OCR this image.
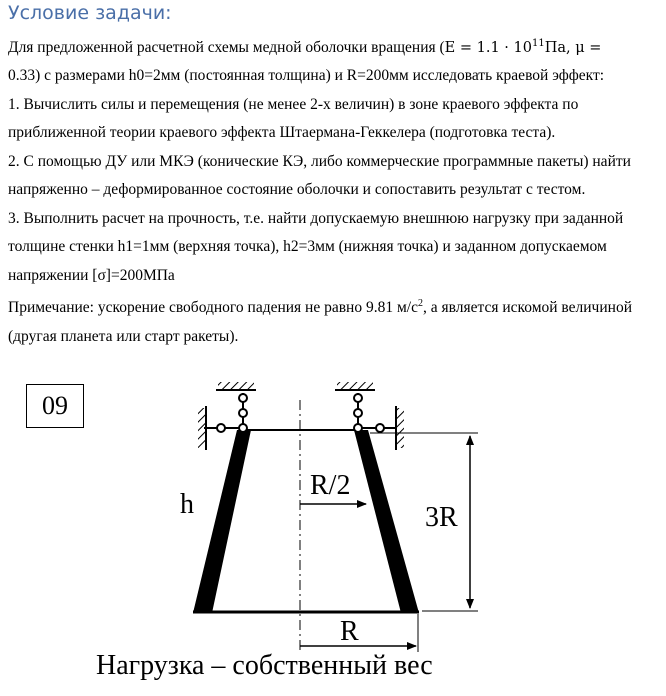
Условие задачи:

Для предложенной расчетной схемы медной оболочки вращения ($E = 1.1 \cdot 10^{11}Па$, μ =
0.33) с размерами h0=2мм (постоянная толщина) и R=200мм исследовать краевой эффект:

1. Вычислить силы и перемещения (не менее 2-х величин) в зоне краевого эффекта по приближенной теории краевого эффекта Штаермана-Геккелера (подготовка теста).

2. С помощью ДУ или МКЭ (конические КЭ, либо коммерческие программные пакеты) найти напряженно – деформированное состояние оболочки и сопоставить результат с тестом.

3. Выполнить расчет на прочность, т.е. найти допускаемую внешнюю нагрузку при заданной толщине стенки h1=1мм (верхняя точка), h2=3мм (нижняя точка) и заданном допускаемом напряжении [σ]=200МПа

Примечание: ускорение свободного падения не равно 9.81 $м/с^2$, а является искомой величиной (другая планета или старт ракеты).

09
h
R/2
3R
R
Нагрузка – собственный вес
